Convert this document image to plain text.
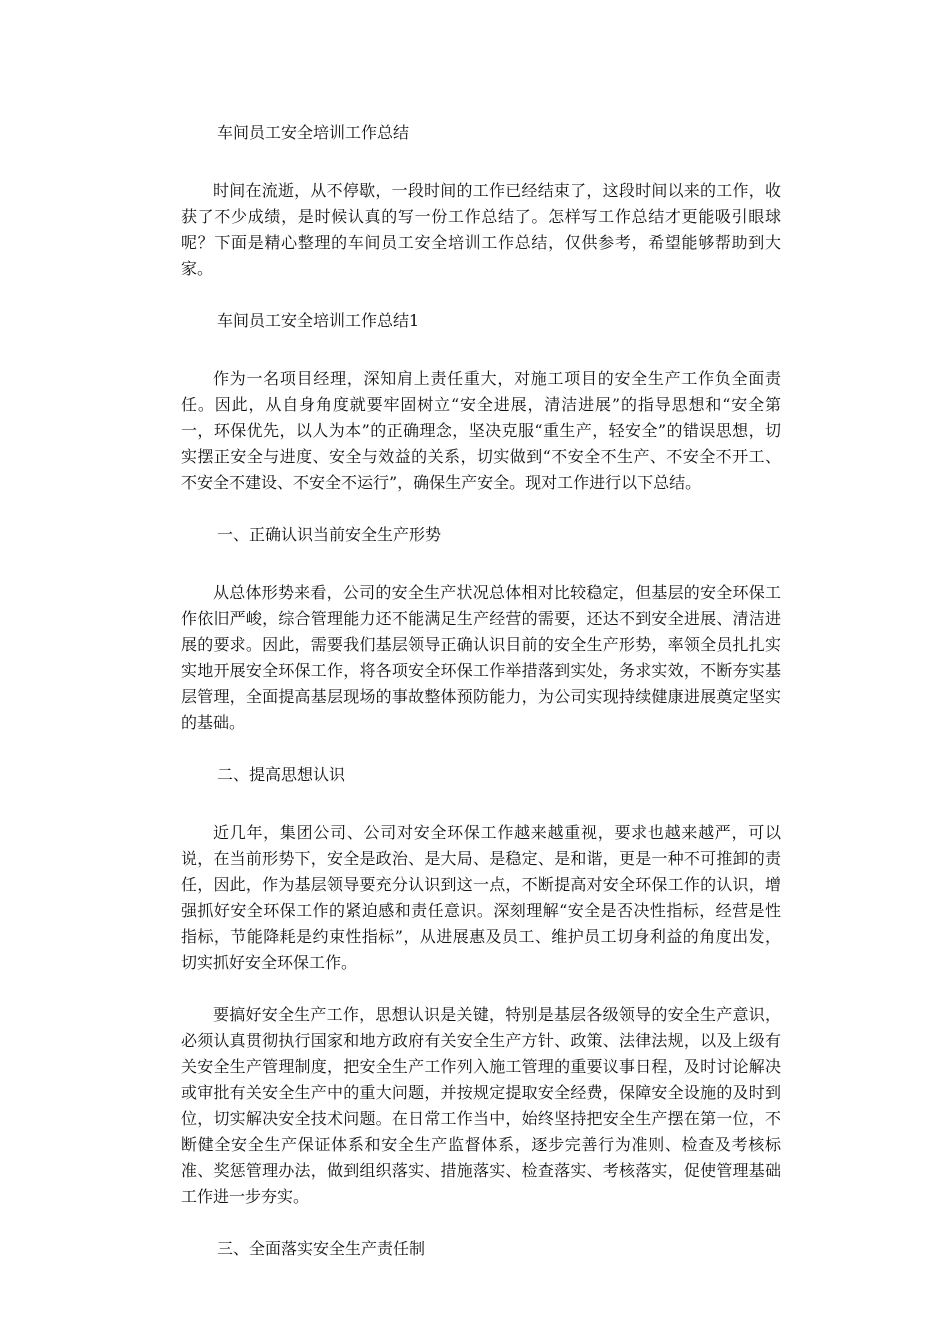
车间员工安全培训工作总结

时间在流逝，从不停歇，一段时间的工作已经结束了，这段时间以来的工作，收获了不少成绩，是时候认真的写一份工作总结了。怎样写工作总结才更能吸引眼球呢？下面是精心整理的车间员工安全培训工作总结，仅供参考，希望能够帮助到大家。

车间员工安全培训工作总结1

作为一名项目经理，深知肩上责任重大，对施工项目的安全生产工作负全面责任。因此，从自身角度就要牢固树立“安全进展，清洁进展”的指导思想和“安全第一，环保优先，以人为本”的正确理念，坚决克服“重生产，轻安全”的错误思想，切实摆正安全与进度、安全与效益的关系，切实做到“不安全不生产、不安全不开工、不安全不建设、不安全不运行”，确保生产安全。现对工作进行以下总结。

一、正确认识当前安全生产形势

从总体形势来看，公司的安全生产状况总体相对比较稳定，但基层的安全环保工作依旧严峻，综合管理能力还不能满足生产经营的需要，还达不到安全进展、清洁进展的要求。因此，需要我们基层领导正确认识目前的安全生产形势，率领全员扎扎实实地开展安全环保工作，将各项安全环保工作举措落到实处，务求实效，不断夯实基层管理，全面提高基层现场的事故整体预防能力，为公司实现持续健康进展奠定坚实的基础。

二、提高思想认识

近几年，集团公司、公司对安全环保工作越来越重视，要求也越来越严，可以说，在当前形势下，安全是政治、是大局、是稳定、是和谐，更是一种不可推卸的责任，因此，作为基层领导要充分认识到这一点，不断提高对安全环保工作的认识，增强抓好安全环保工作的紧迫感和责任意识。深刻理解“安全是否决性指标，经营是性指标，节能降耗是约束性指标”，从进展惠及员工、维护员工切身利益的角度出发，切实抓好安全环保工作。

要搞好安全生产工作，思想认识是关键，特别是基层各级领导的安全生产意识，必须认真贯彻执行国家和地方政府有关安全生产方针、政策、法律法规，以及上级有关安全生产管理制度，把安全生产工作列入施工管理的重要议事日程，及时讨论解决或审批有关安全生产中的重大问题，并按规定提取安全经费，保障安全设施的及时到位，切实解决安全技术问题。在日常工作当中，始终坚持把安全生产摆在第一位，不断健全安全生产保证体系和安全生产监督体系，逐步完善行为准则、检查及考核标准、奖惩管理办法，做到组织落实、措施落实、检查落实、考核落实，促使管理基础工作进一步夯实。

三、全面落实安全生产责任制
